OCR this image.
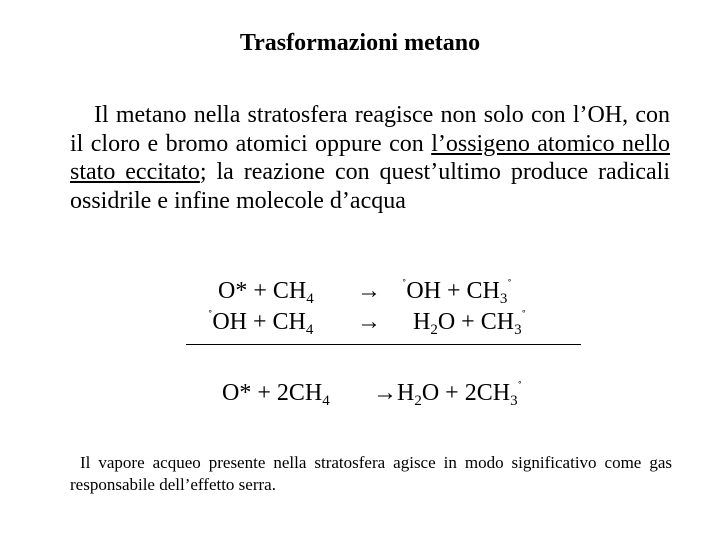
Trasformazioni metano
Il metano nella stratosfera reagisce non solo con l’OH, con il cloro e bromo atomici oppure con l’ossigeno atomico nello stato eccitato; la reazione con quest’ultimo produce radicali ossidrile e infine molecole d’acqua
$O* + CH_4 \to ^˚OH + CH_3^˚$
$^˚OH + CH_4 \to H_2O + CH_3^˚$
$O* + 2CH_4 \to H_2O + 2CH_3^˚$
Il vapore acqueo presente nella stratosfera agisce in modo significativo come gas responsabile dell’effetto serra.
